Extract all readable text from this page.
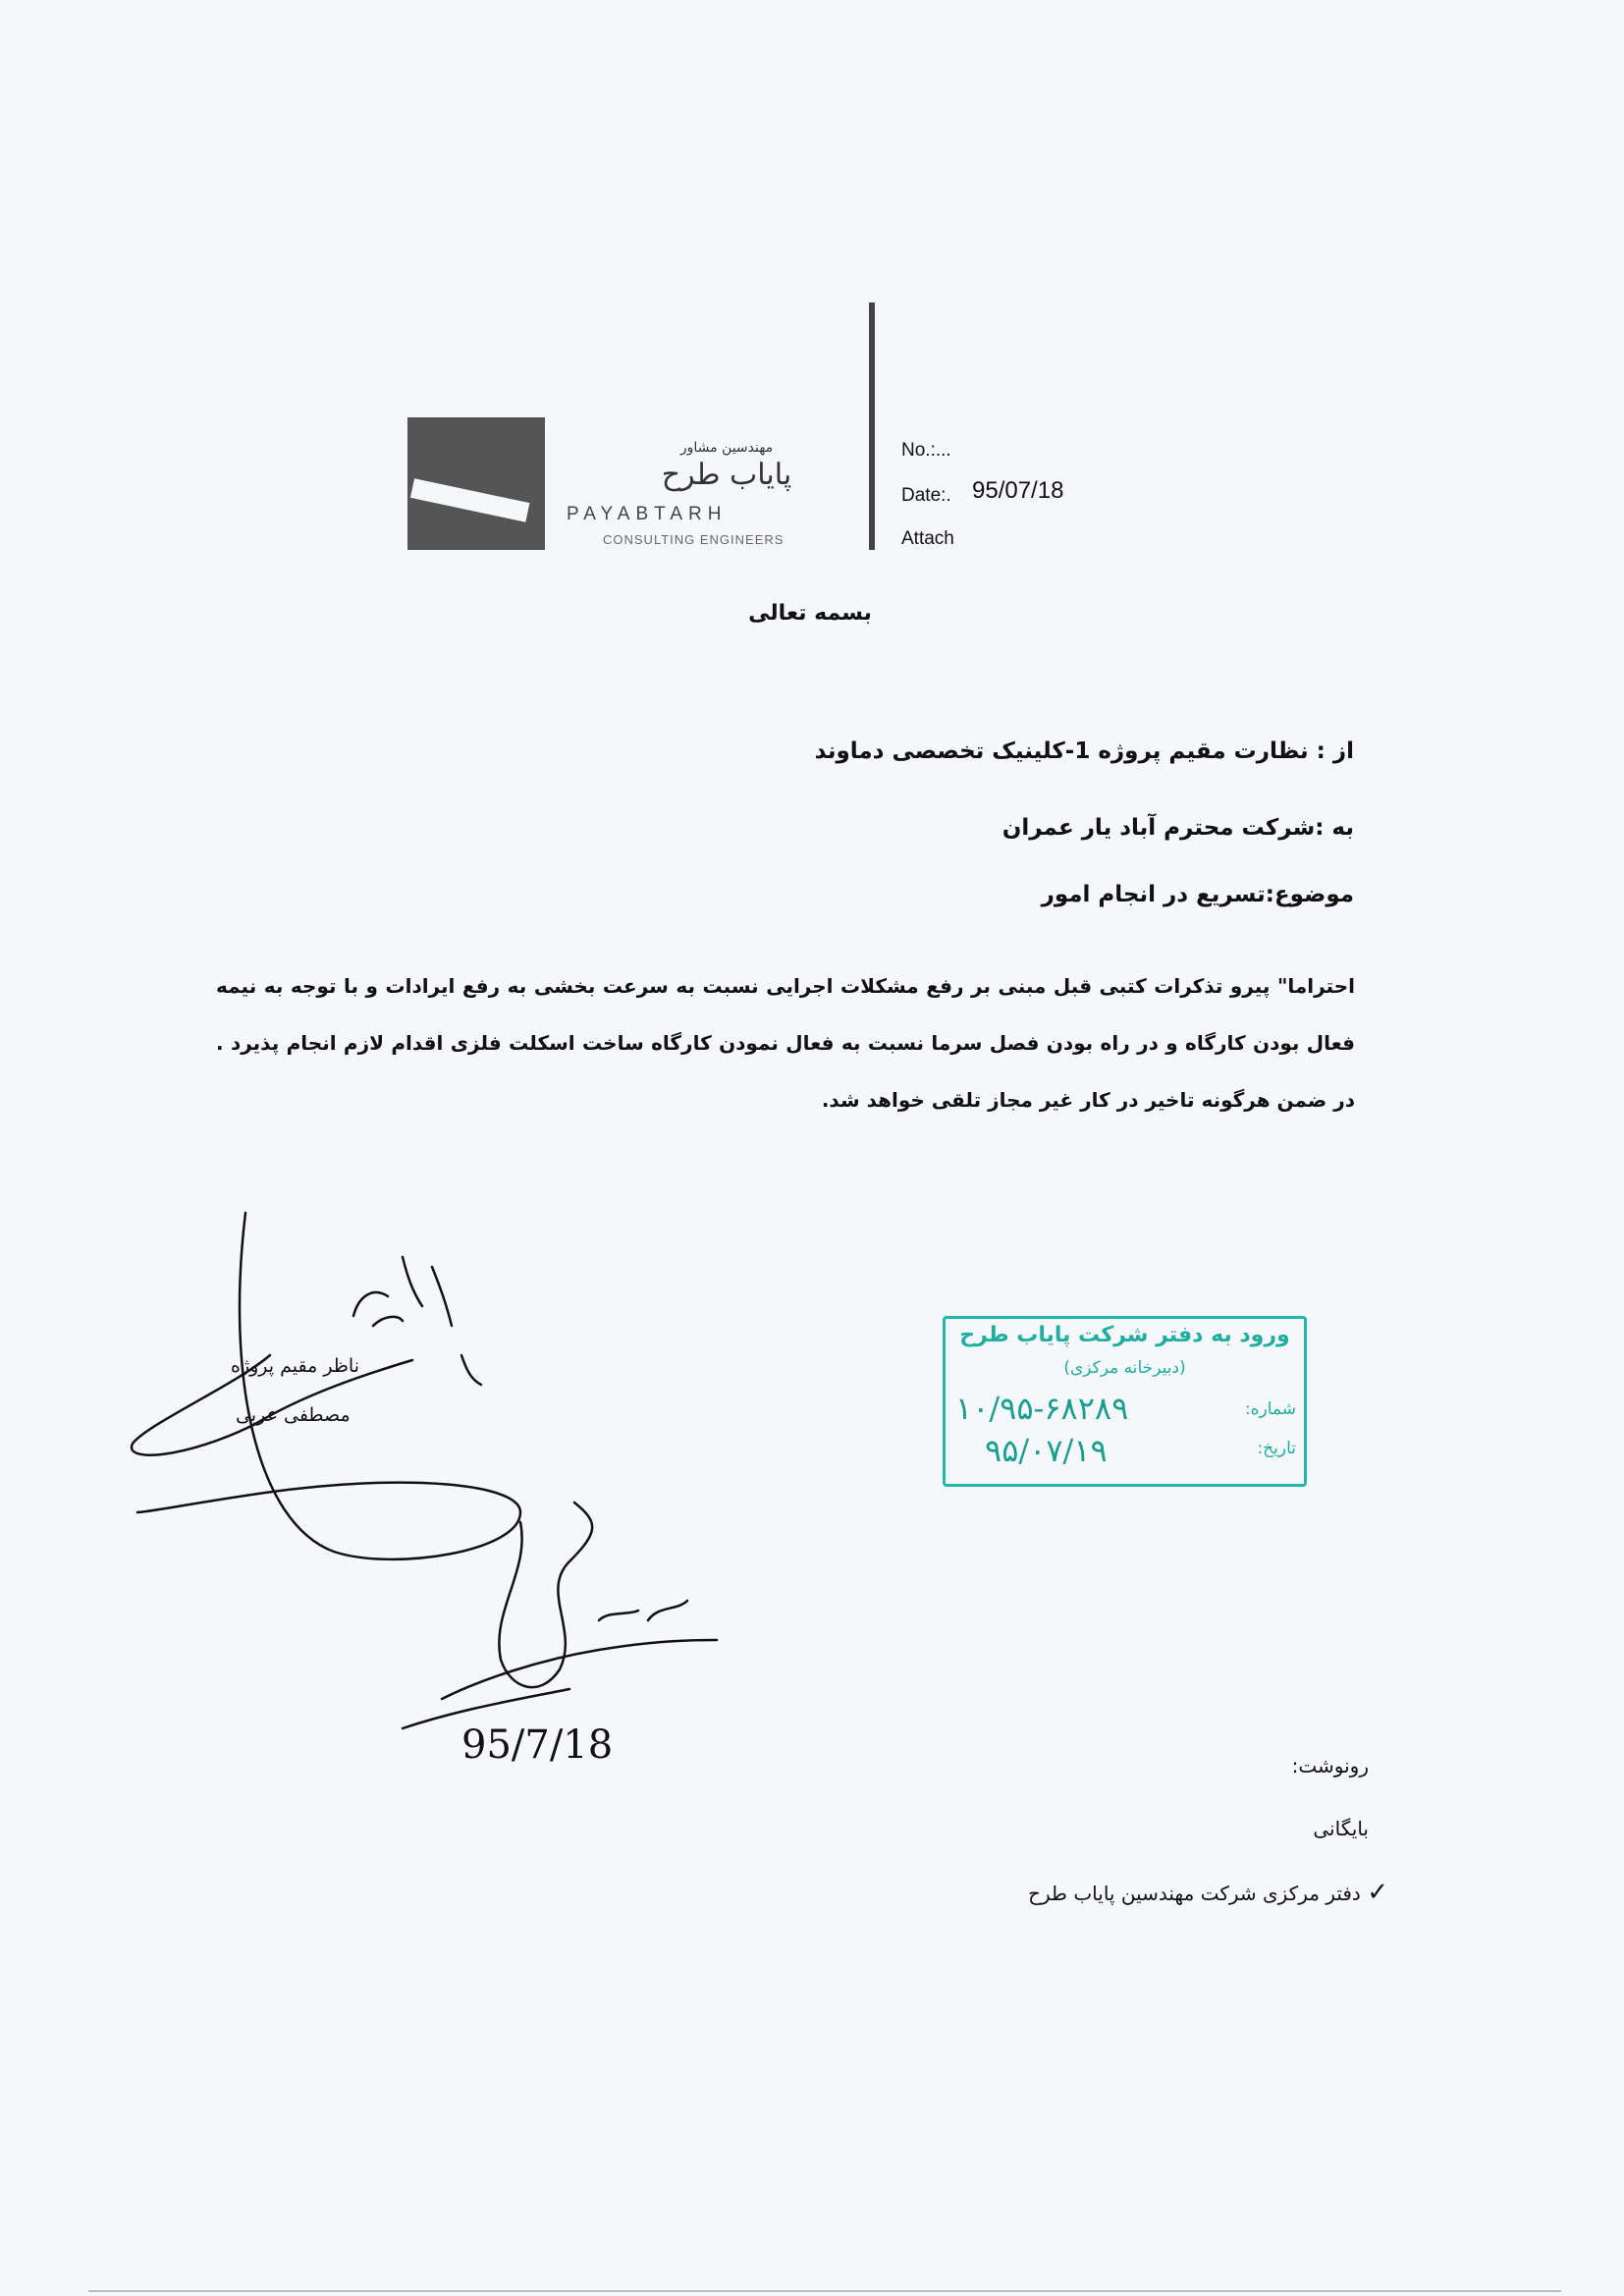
مهندسین مشاور
پایاب طرح
PAYABTARH
CONSULTING ENGINEERS
No.:...
Date:. 95/07/18
Attach
بسمه تعالی
از : نظارت مقیم پروژه 1-کلینیک تخصصی دماوند
به :شرکت محترم آباد یار عمران
موضوع:تسریع در انجام امور
احتراما" پیرو تذکرات کتبی قبل مبنی بر رفع مشکلات اجرایی نسبت به سرعت بخشی به رفع ایرادات و با توجه به نیمه فعال بودن کارگاه و در راه بودن فصل سرما نسبت به فعال نمودن کارگاه ساخت اسکلت فلزی اقدام لازم انجام پذیرد . در ضمن هرگونه تاخیر در کار غیر مجاز تلقی خواهد شد.
95/7/18
ناظر مقیم پروژه
مصطفی عربی
ورود به دفتر شرکت پایاب طرح
(دبیرخانه مرکزی)
شماره:
۱۰/۹۵-۶۸۲۸۹
تاریخ:
۹۵/۰۷/۱۹
رونوشت:
بایگانی
✓ دفتر مرکزی شرکت مهندسین پایاب طرح
